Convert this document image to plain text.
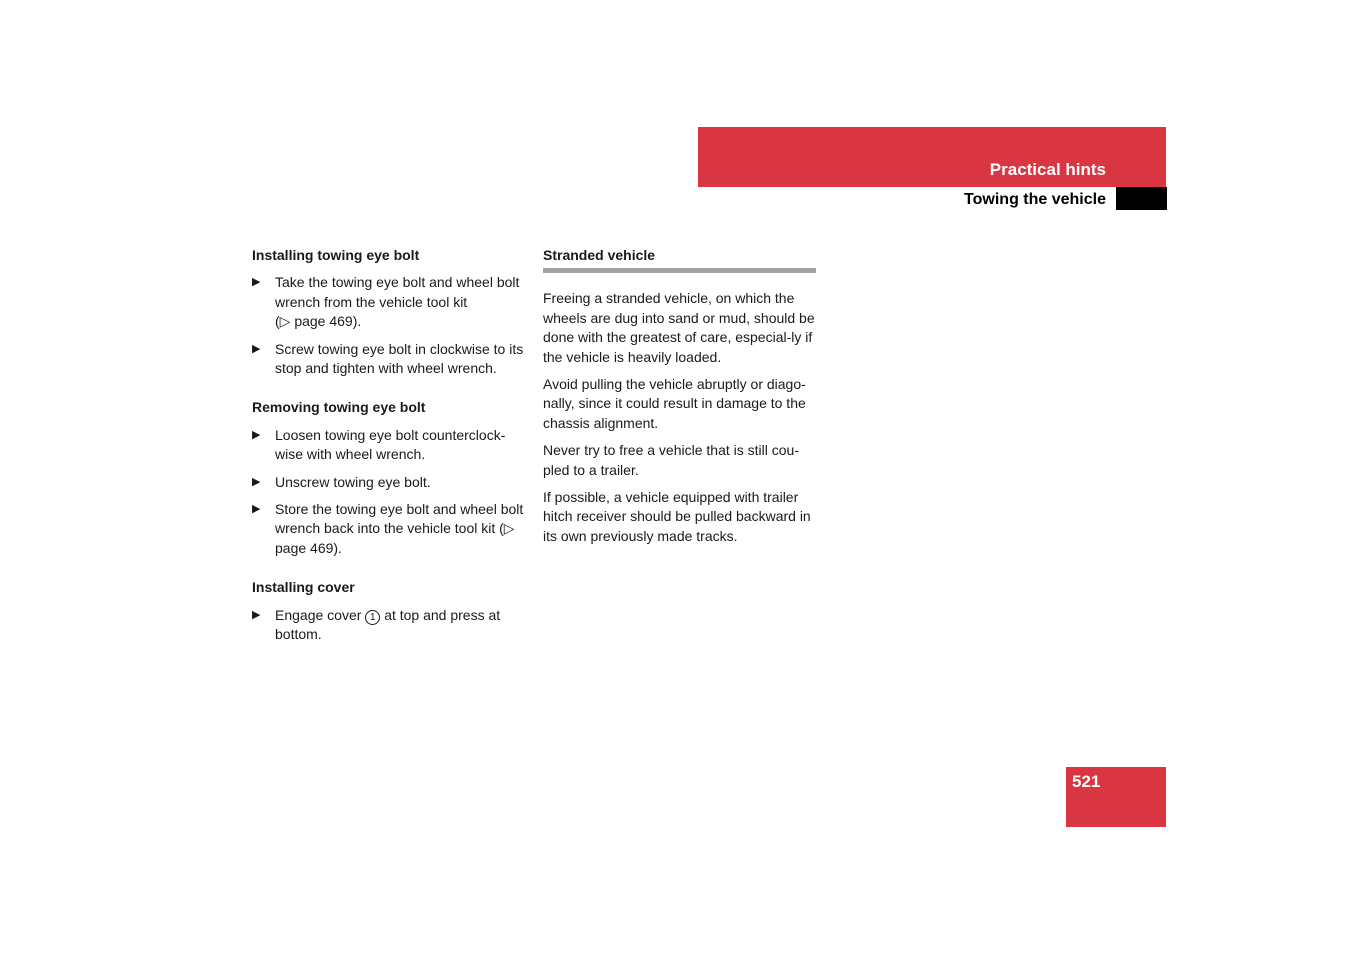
Practical hints
Towing the vehicle
Installing towing eye bolt
▶ Take the towing eye bolt and wheel bolt wrench from the vehicle tool kit
(▷ page 469).
▶ Screw towing eye bolt in clockwise to its stop and tighten with wheel wrench.
Removing towing eye bolt
▶ Loosen towing eye bolt counterclock-wise with wheel wrench.
▶ Unscrew towing eye bolt.
▶ Store the towing eye bolt and wheel bolt wrench back into the vehicle tool kit (▷ page 469).
Installing cover
▶ Engage cover 1 at top and press at bottom.
Stranded vehicle

Freeing a stranded vehicle, on which the wheels are dug into sand or mud, should be done with the greatest of care, especial-ly if the vehicle is heavily loaded.

Avoid pulling the vehicle abruptly or diago-nally, since it could result in damage to the chassis alignment.

Never try to free a vehicle that is still cou-pled to a trailer.

If possible, a vehicle equipped with trailer hitch receiver should be pulled backward in its own previously made tracks.

521
